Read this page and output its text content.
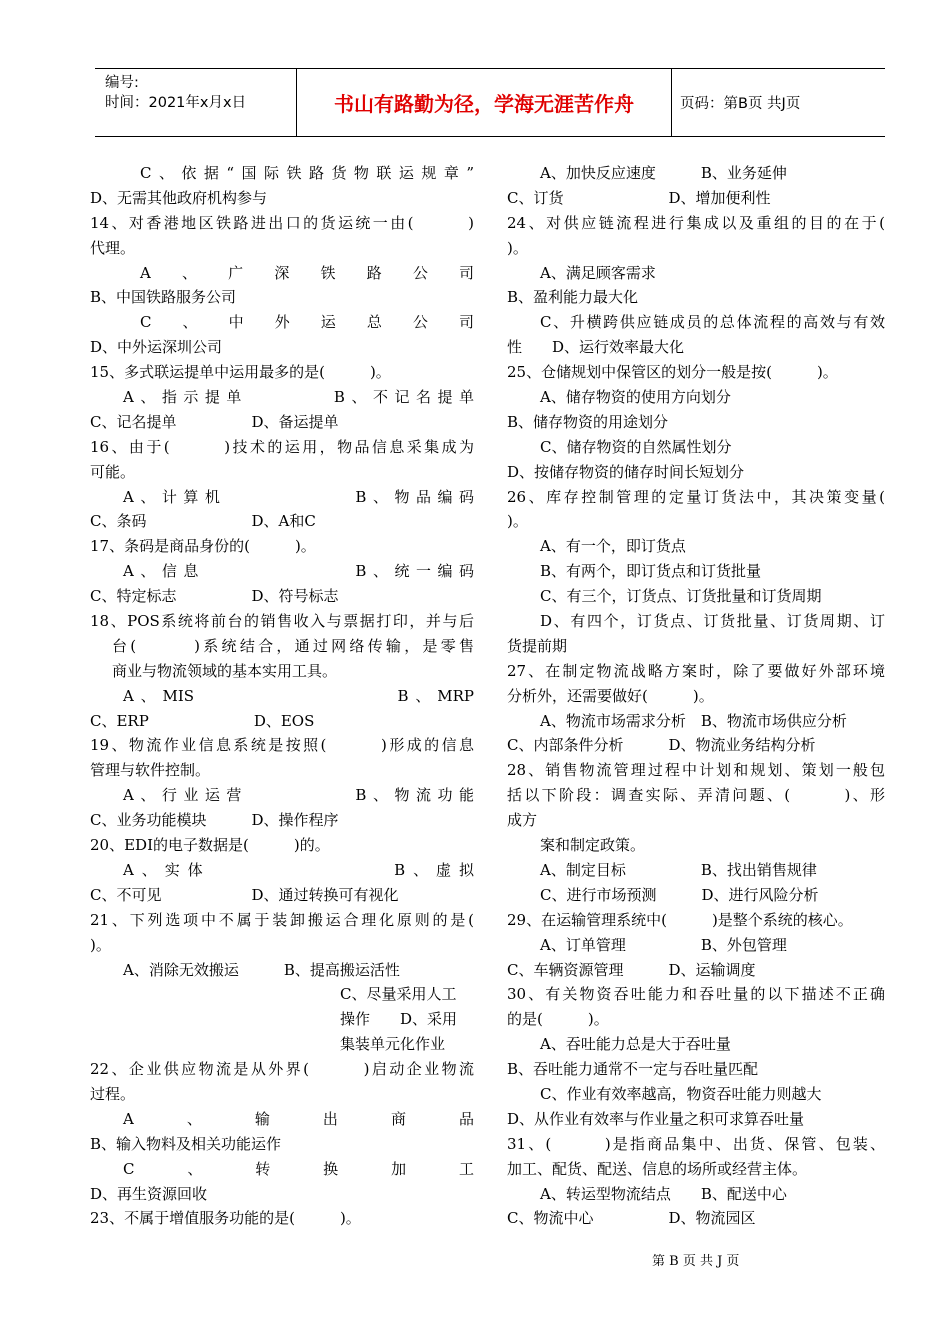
编号:
时间：2021年x月x日	书山有路勤为径，学海无涯苦作舟	页码：第B页 共J页
C、依据“国际铁路货物联运规章”
D、无需其他政府机构参与
14、对香港地区铁路进出口的货运统一由(　　　)
代理。
A、广深铁路公司
B、中国铁路服务公司
C、中外运总公司
D、中外运深圳公司
15、多式联运提单中运用最多的是(　　　)。
A、指示提单　　　　B、不记名提单
C、记名提单　　　　　D、备运提单
16、由于(　　　)技术的运用，物品信息采集成为
可能。
A、计算机　　　　　　B、物品编码
C、条码　　　　　　　D、A和C
17、条码是商品身份的(　　　)。
A、信息　　　　　　　B、统一编码
C、特定标志　　　　　D、符号标志
18、POS系统将前台的销售收入与票据打印，并与后
台(　　　)系统结合，通过网络传输，是零售
商业与物流领域的基本实用工具。
A、MIS　　　　　　　　　B、MRP
C、ERP　　　　　　　D、EOS
19、物流作业信息系统是按照(　　　)形成的信息
管理与软件控制。
A、行业运营　　　　　B、物流功能
C、业务功能模块　　　D、操作程序
20、EDI的电子数据是(　　　)的。
A、实体　　　　　　　　B、虚拟
C、不可见　　　　　　D、通过转换可有视化
21、下列选项中不属于装卸搬运合理化原则的是(
)。
A、消除无效搬运　　　B、提高搬运活性
C、尽量采用人工
操作　　D、采用
集装单元化作业
22、企业供应物流是从外界(　　　)启动企业物流
过程。
A、输出商品
B、输入物料及相关功能运作
C、转换加工
D、再生资源回收
23、不属于增值服务功能的是(　　　)。
A、加快反应速度　　　B、业务延伸
C、订货　　　　　　　D、增加便利性
24、对供应链流程进行集成以及重组的目的在于(
)。
A、满足顾客需求
B、盈利能力最大化
C、升横跨供应链成员的总体流程的高效与有效
性　　D、运行效率最大化
25、仓储规划中保管区的划分一般是按(　　　)。
A、储存物资的使用方向划分
B、储存物资的用途划分
C、储存物资的自然属性划分
D、按储存物资的储存时间长短划分
26、库存控制管理的定量订货法中，其决策变量(
)。
A、有一个，即订货点
B、有两个，即订货点和订货批量
C、有三个，订货点、订货批量和订货周期
D、有四个，订货点、订货批量、订货周期、订
货提前期
27、在制定物流战略方案时，除了要做好外部环境
分析外，还需要做好(　　　)。
A、物流市场需求分析　B、物流市场供应分析
C、内部条件分析　　　D、物流业务结构分析
28、销售物流管理过程中计划和规划、策划一般包
括以下阶段：调查实际、弄清问题、(　　　)、形
成方
案和制定政策。
A、制定目标　　　　　B、找出销售规律
C、进行市场预测　　　D、进行风险分析
29、在运输管理系统中(　　　)是整个系统的核心。
A、订单管理　　　　　B、外包管理
C、车辆资源管理　　　D、运输调度
30、有关物资吞吐能力和吞吐量的以下描述不正确
的是(　　　)。
A、吞吐能力总是大于吞吐量
B、吞吐能力通常不一定与吞吐量匹配
C、作业有效率越高，物资吞吐能力则越大
D、从作业有效率与作业量之积可求算吞吐量
31、(　　　)是指商品集中、出货、保管、包装、
加工、配货、配送、信息的场所或经营主体。
A、转运型物流结点　　B、配送中心
C、物流中心　　　　　D、物流园区
第 B 页 共 J 页
